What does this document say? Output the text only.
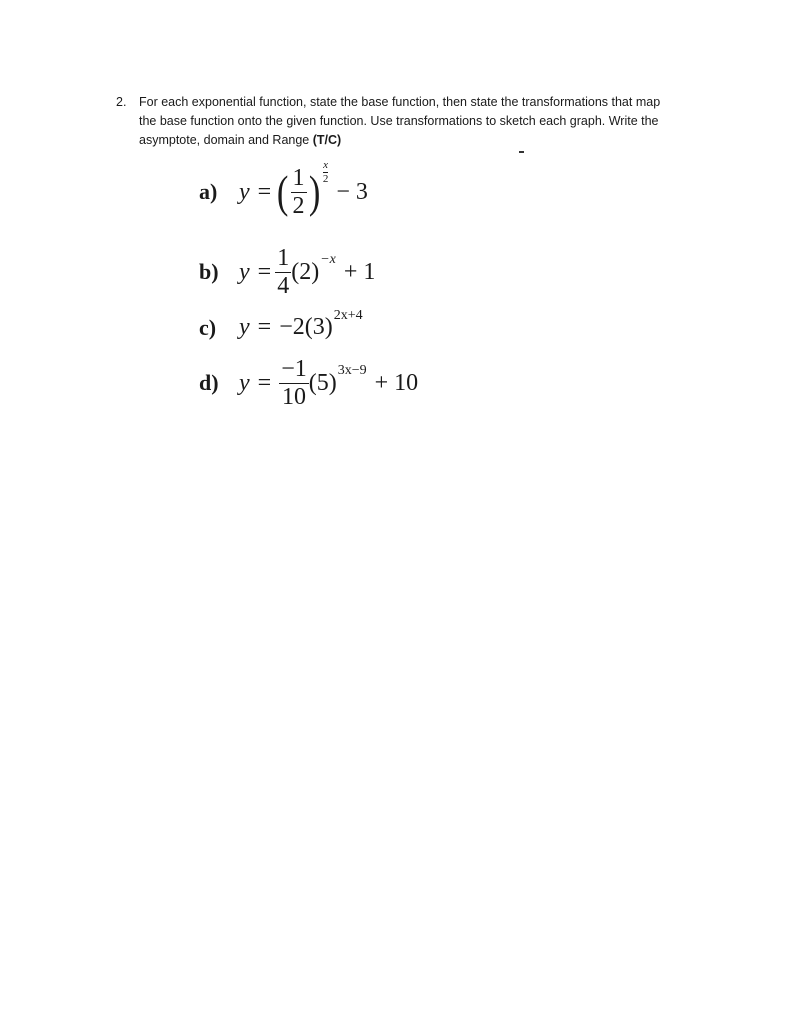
2. For each exponential function, state the base function, then state the transformations that map
the base function onto the given function. Use transformations to sketch each graph. Write the
asymptote, domain and Range (T/C)
a) y = ( $\frac{1}{2}$ ) $\frac{x}{2}$
− 3
b) $y = \frac{1}{4} (2) -x + 1$
c) y = −2(3) 2x+4
d) $y = \frac{-1}{10} (5) 3x-9 + 10$
